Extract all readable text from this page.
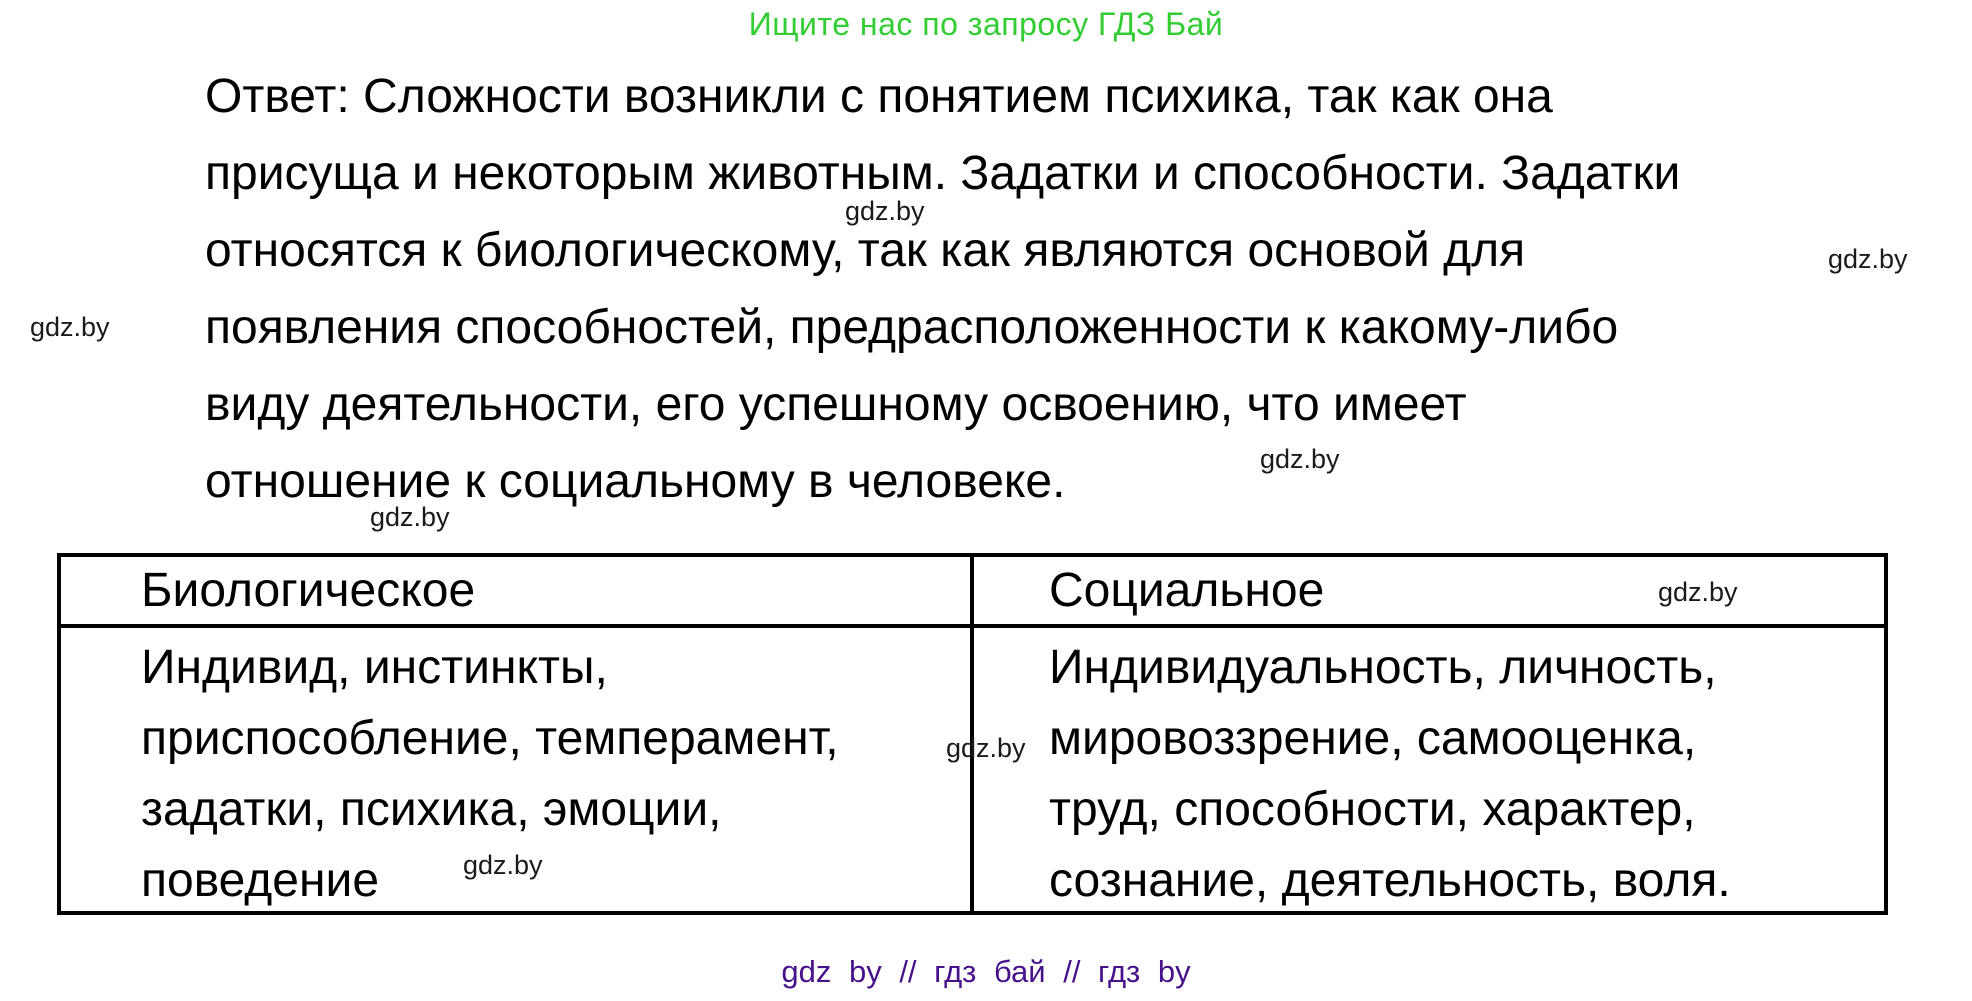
Ищите нас по запросу ГДЗ Бай
Ответ: Сложности возникли с понятием психика, так как она
присуща и некоторым животным. Задатки и способности. Задатки
относятся к биологическому, так как являются основой для
появления способностей, предрасположенности к какому-либо
виду деятельности, его успешному освоению, что имеет
отношение к социальному в человеке.
Биологическое	Социальное
Индивид, инстинкты,
приспособление, темперамент,
задатки, психика, эмоции,
поведение
Индивидуальность, личность,
мировоззрение, самооценка,
труд, способности, характер,
сознание, деятельность, воля.
gdz.by
gdz.by
gdz.by
gdz.by
gdz.by
gdz.by
gdz.by
gdz.by
gdz by // гдз бай // гдз by
